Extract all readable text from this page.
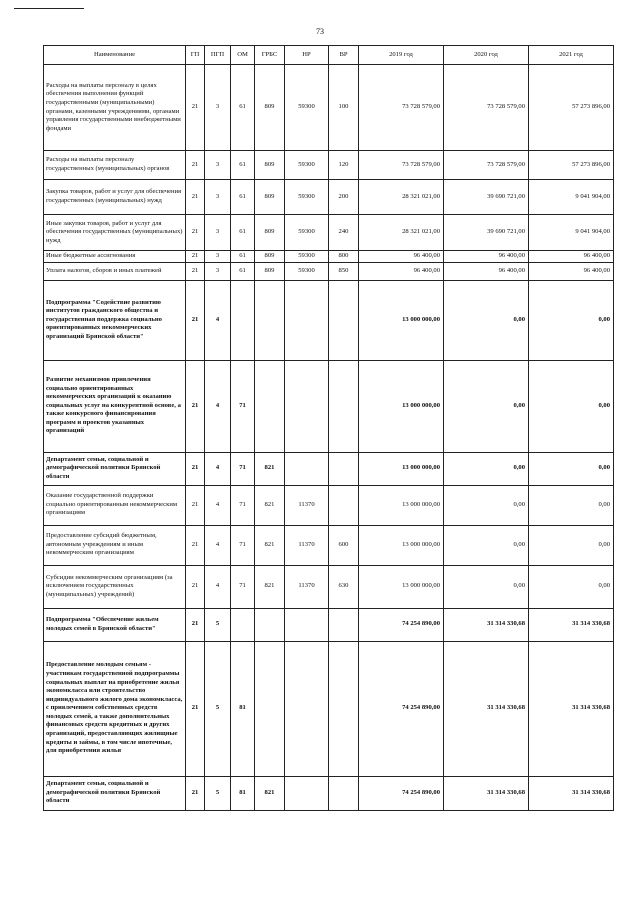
73
Наименование	ГП	ПГП	ОМ	ГРБС	НР	ВР	2019 год	2020 год	2021 год
Расходы на выплаты персоналу в целях обеспечения выполнения функций государственными (муниципальными) органами, казенными учреждениями, органами управления государственными внебюджетными фондами	21	3	61	809	59300	100	73 728 579,00	73 728 579,00	57 273 896,00
Расходы на выплаты персоналу государственных (муниципальных) органов	21	3	61	809	59300	120	73 728 579,00	73 728 579,00	57 273 896,00
Закупка товаров, работ и услуг для обеспечения государственных (муниципальных) нужд	21	3	61	809	59300	200	28 321 021,00	39 690 721,00	9 041 904,00
Иные закупки товаров, работ и услуг для обеспечения государственных (муниципальных) нужд	21	3	61	809	59300	240	28 321 021,00	39 690 721,00	9 041 904,00
Иные бюджетные ассигнования	21	3	61	809	59300	800	96 400,00	96 400,00	96 400,00
Уплата налогов, сборов и иных платежей	21	3	61	809	59300	850	96 400,00	96 400,00	96 400,00
Подпрограмма "Содействие развитию институтов гражданского общества и государственная поддержка социально ориентированных некоммерческих организаций Брянской области"	21	4					13 000 000,00	0,00	0,00
Развитие механизмов привлечения социально ориентированных некоммерческих организаций к оказанию социальных услуг на конкурентной основе, а также конкурсного финансирования программ и проектов указанных организаций	21	4	71				13 000 000,00	0,00	0,00
Департамент семьи, социальной и демографической политики Брянской области	21	4	71	821			13 000 000,00	0,00	0,00
Оказание государственной поддержки социально ориентированным некоммерческим организациям	21	4	71	821	11370		13 000 000,00	0,00	0,00
Предоставление субсидий бюджетным, автономным учреждениям и иным некоммерческим организациям	21	4	71	821	11370	600	13 000 000,00	0,00	0,00
Субсидии некоммерческим организациям (за исключением государственных (муниципальных) учреждений)	21	4	71	821	11370	630	13 000 000,00	0,00	0,00
Подпрограмма "Обеспечение жильем молодых семей в Брянской области"	21	5					74 254 890,00	31 314 330,68	31 314 330,68
Предоставление молодым семьям - участникам государственной подпрограммы социальных выплат на приобретение жилья экономкласса или строительство индивидуального жилого дома экономкласса, с привлечением собственных средств молодых семей, а также дополнительных финансовых средств кредитных и других организаций, предоставляющих жилищные кредиты и займы, в том числе ипотечные, для приобретения жилья	21	5	81				74 254 890,00	31 314 330,68	31 314 330,68
Департамент семьи, социальной и демографической политики Брянской области	21	5	81	821			74 254 890,00	31 314 330,68	31 314 330,68
